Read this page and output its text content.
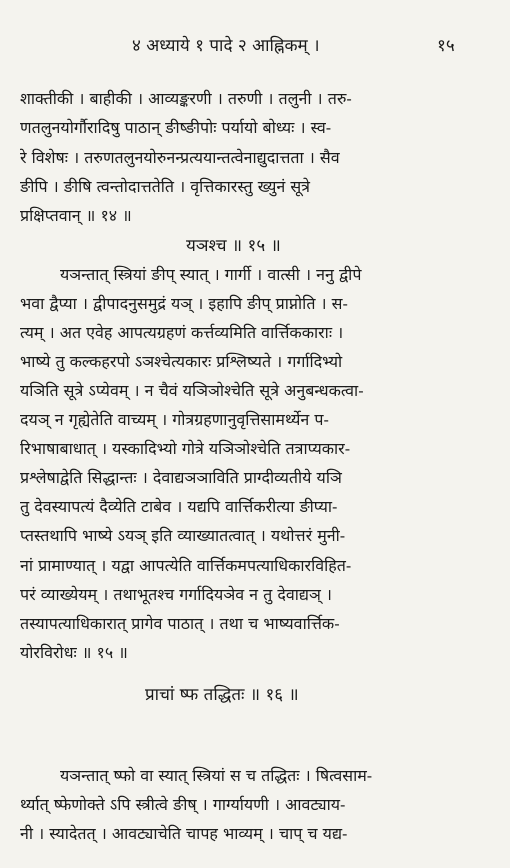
४ अध्याये १ पादे २ आह्निकम् ।	१५
शाक्तीकी । बाहीकी । आव्यङ्करणी । तरुणी । तलुनी । तरु-
णतलुनयोर्गौरादिषु पाठान् ङीष्ङीपोः पर्यायो बोध्यः । स्व-
रे विशेषः । तरुणतलुनयोरुनन्प्रत्ययान्तत्वेनाद्युदात्तता । सैव
ङीपि । ङीषि त्वन्तोदात्ततेति । वृत्तिकारस्तु ख्युनं सूत्रे
प्रक्षिप्तवान् ॥ १४ ॥
यञश्च ॥ १५ ॥
यञन्तात् स्त्रियां ङीप् स्यात् । गार्गी । वात्सी । ननु द्वीपे
भवा द्वैप्या । द्वीपादनुसमुद्रं यञ् । इहापि ङीप् प्राप्नोति । स-
त्यम् । अत एवेह आपत्यग्रहणं कर्त्तव्यमिति वार्त्तिककाराः ।
भाष्ये तु कल्कहरपो ऽञश्चेत्यकारः प्रश्लिष्यते । गर्गादिभ्यो
यञिति सूत्रे ऽप्येवम् । न चैवं यञिञोश्चेति सूत्रे अनुबन्धकत्वा-
दयञ् न गृह्येतेति वाच्यम् । गोत्रग्रहणानुवृत्तिसामर्थ्येन प-
रिभाषाबाधात् । यस्कादिभ्यो गोत्रे यञिञोश्चेति तत्राप्यकार-
प्रश्लेषाद्वेति सिद्धान्तः । देवाद्यञञाविति प्राग्दीव्यतीये यञि
तु देवस्यापत्यं दैव्येति टाबेव । यद्यपि वार्त्तिकरीत्या ङीप्या-
प्तस्तथापि भाष्ये ऽयञ् इति व्याख्यातत्वात् । यथोत्तरं मुनी-
नां प्रामाण्यात् । यद्वा आपत्येति वार्त्तिकमपत्याधिकारविहित-
परं व्याख्येयम् । तथाभूतश्च गर्गादियञेव न तु देवाद्यञ् ।
तस्यापत्याधिकारात् प्रागेव पाठात् । तथा च भाष्यवार्त्तिक-
योरविरोधः ॥ १५ ॥
प्राचां ष्फ तद्धितः ॥ १६ ॥
यञन्तात् ष्फो वा स्यात् स्त्रियां स च तद्धितः । षित्वसाम-
र्थ्यात् ष्फेणोक्ते ऽपि स्त्रीत्वे ङीष् । गार्ग्यायणी । आवट्याय-
नी । स्यादेतत् । आवट्याचेति चापह भाव्यम् । चाप् च यद्य-
